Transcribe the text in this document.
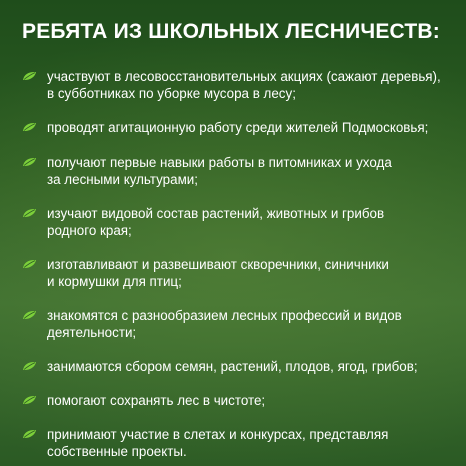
РЕБЯТА ИЗ ШКОЛЬНЫХ ЛЕСНИЧЕСТВ:
участвуют в лесовосстановительных акциях (сажают деревья),
в субботниках по уборке мусора в лесу;
проводят агитационную работу среди жителей Подмосковья;
получают первые навыки работы в питомниках и ухода
за лесными культурами;
изучают видовой состав растений, животных и грибов
родного края;
изготавливают и развешивают скворечники, синичники
и кормушки для птиц;
знакомятся с разнообразием лесных профессий и видов
деятельности;
занимаются сбором семян, растений, плодов, ягод, грибов;
помогают сохранять лес в чистоте;
принимают участие в слетах и конкурсах, представляя
собственные проекты.
